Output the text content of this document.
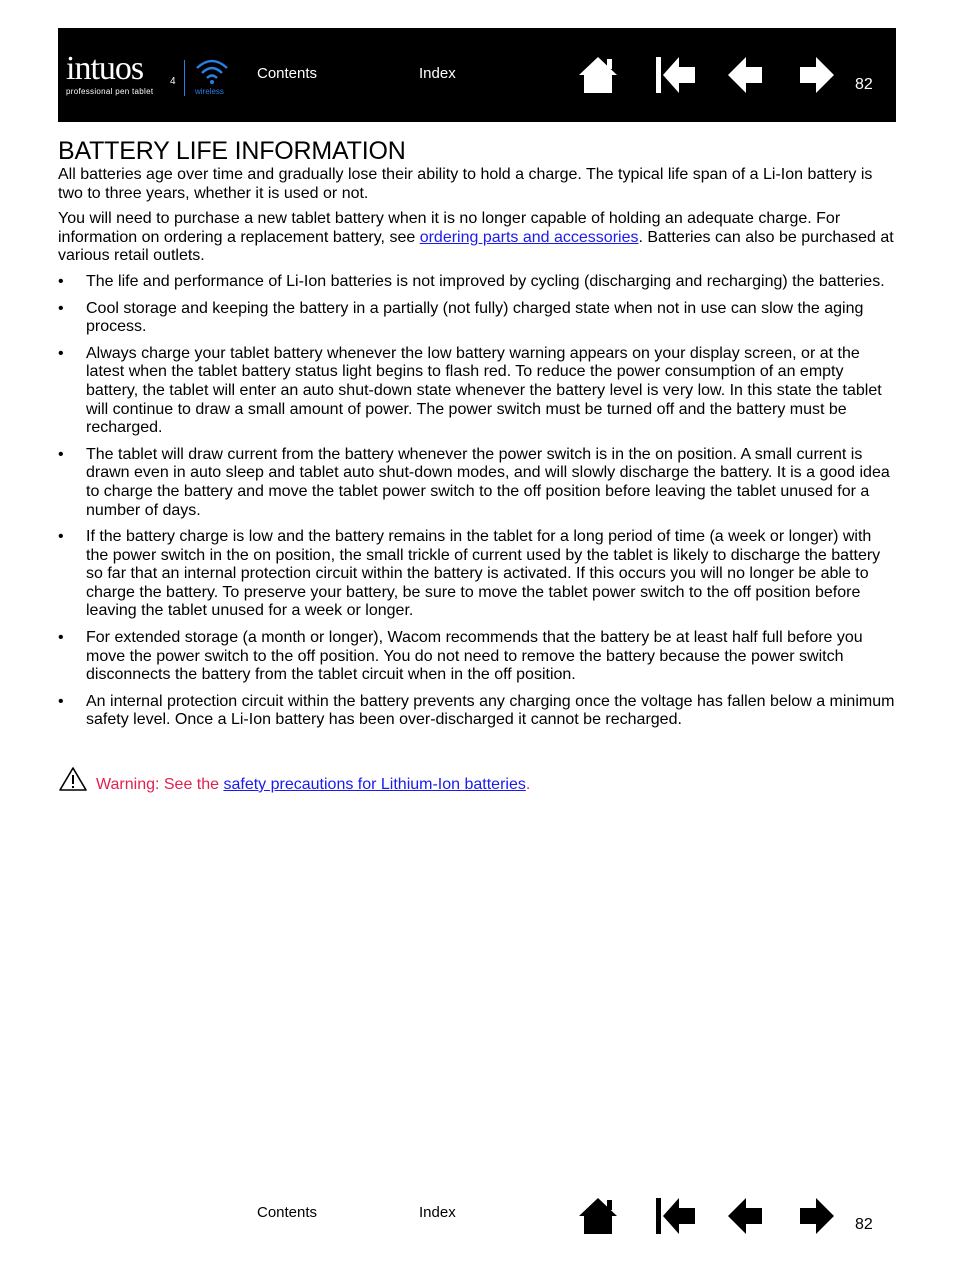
intuos	4
professional pen tablet	wireless
Contents	Index
82
BATTERY LIFE INFORMATION

All batteries age over time and gradually lose their ability to hold a charge. The typical life span of a Li-Ion battery is two to three years, whether it is used or not.

You will need to purchase a new tablet battery when it is no longer capable of holding an adequate charge. For information on ordering a replacement battery, see ordering parts and accessories. Batteries can also be purchased at various retail outlets.

• The life and performance of Li-Ion batteries is not improved by cycling (discharging and recharging) the batteries.
• Cool storage and keeping the battery in a partially (not fully) charged state when not in use can slow the aging process.
• Always charge your tablet battery whenever the low battery warning appears on your display screen, or at the latest when the tablet battery status light begins to flash red. To reduce the power consumption of an empty battery, the tablet will enter an auto shut-down state whenever the battery level is very low. In this state the tablet will continue to draw a small amount of power. The power switch must be turned off and the battery must be recharged.
• The tablet will draw current from the battery whenever the power switch is in the on position. A small current is drawn even in auto sleep and tablet auto shut-down modes, and will slowly discharge the battery. It is a good idea to charge the battery and move the tablet power switch to the off position before leaving the tablet unused for a number of days.
• If the battery charge is low and the battery remains in the tablet for a long period of time (a week or longer) with the power switch in the on position, the small trickle of current used by the tablet is likely to discharge the battery so far that an internal protection circuit within the battery is activated. If this occurs you will no longer be able to charge the battery. To preserve your battery, be sure to move the tablet power switch to the off position before leaving the tablet unused for a week or longer.
• For extended storage (a month or longer), Wacom recommends that the battery be at least half full before you move the power switch to the off position. You do not need to remove the battery because the power switch disconnects the battery from the tablet circuit when in the off position.
• An internal protection circuit within the battery prevents any charging once the voltage has fallen below a minimum safety level. Once a Li-Ion battery has been over-discharged it cannot be recharged.
Warning: See the safety precautions for Lithium-Ion batteries.
Contents	Index
82
